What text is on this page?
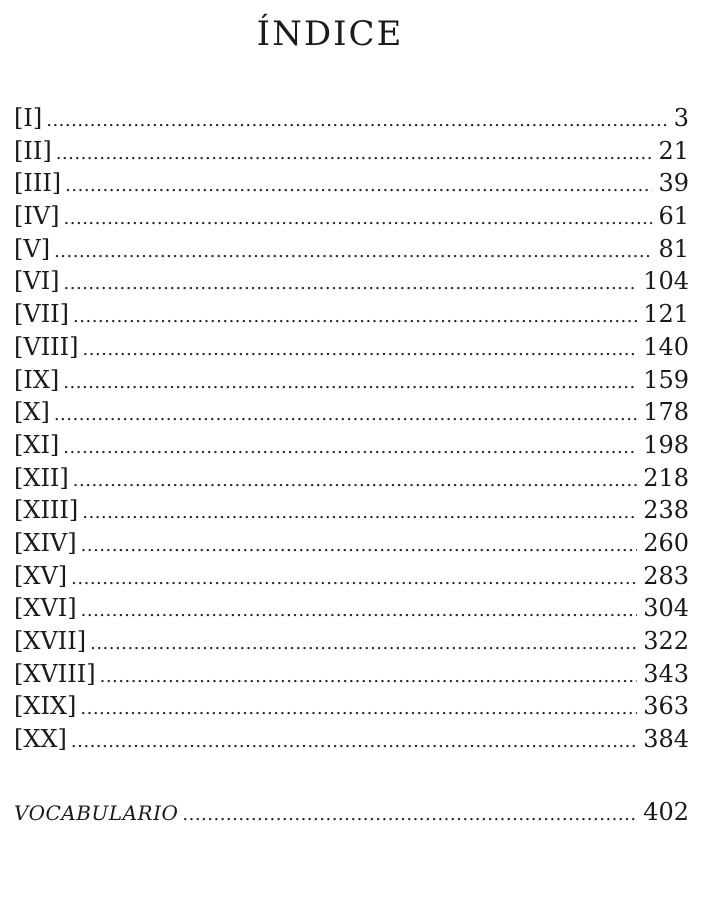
ÍNDICE
[I] .....	3
[II] .....	21
[III] .....	39
[IV] .....	61
[V] .....	81
[VI] .....	104
[VII] .....	121
[VIII] .....	140
[IX] .....	159
[X] .....	178
[XI] .....	198
[XII] .....	218
[XIII] .....	238
[XIV] .....	260
[XV] .....	283
[XVI] .....	304
[XVII] .....	322
[XVIII] .....	343
[XIX] .....	363
[XX] .....	384
VOCABULARIO .....	402
